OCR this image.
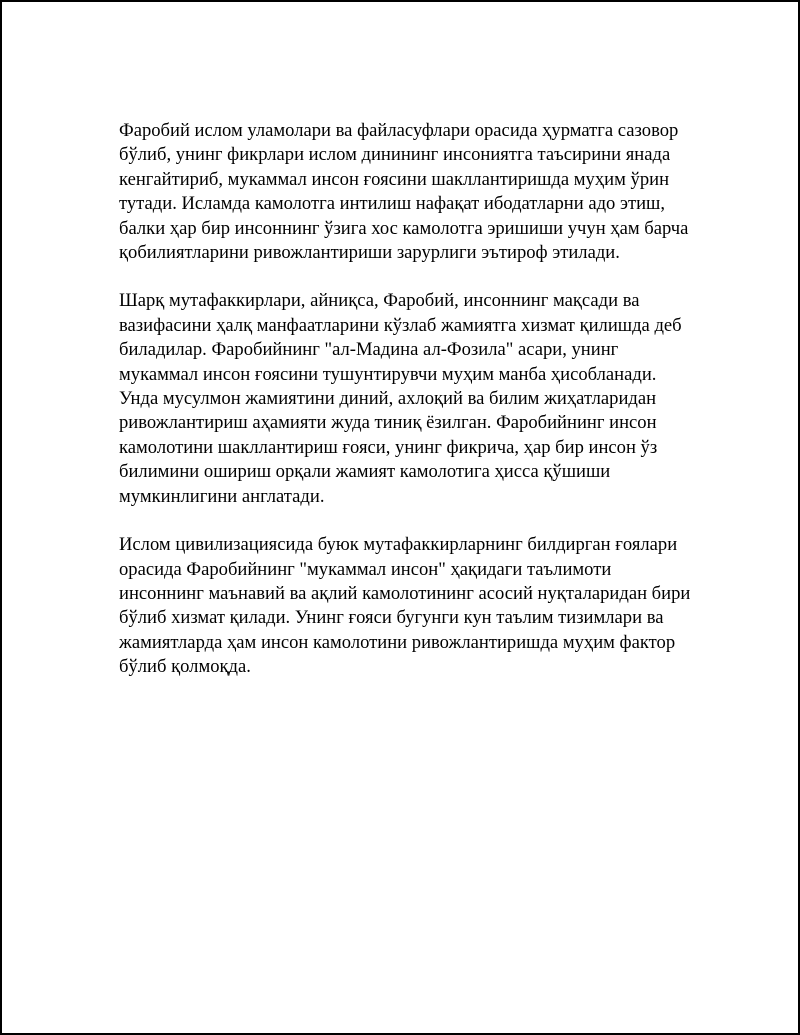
Фаробий ислом уламолари ва файласуфлари орасида ҳурматга сазовор
бўлиб, унинг фикрлари ислом динининг инсониятга таъсирини янада
кенгайтириб, мукаммал инсон ғоясини шакллантиришда муҳим ўрин
тутади. Исламда камолотга интилиш нафақат ибодатларни адо этиш,
балки ҳар бир инсоннинг ўзига хос камолотга эришиши учун ҳам барча
қобилиятларини ривожлантириши зарурлиги эътироф этилади.

Шарқ мутафаккирлари, айниқса, Фаробий, инсоннинг мақсади ва
вазифасини ҳалқ манфаатларини кўзлаб жамиятга хизмат қилишда деб
биладилар. Фаробийнинг "ал-Мадина ал-Фозила" асари, унинг
мукаммал инсон ғоясини тушунтирувчи муҳим манба ҳисобланади.
Унда мусулмон жамиятини диний, ахлоқий ва билим жиҳатларидан
ривожлантириш аҳамияти жуда тиниқ ёзилган. Фаробийнинг инсон
камолотини шакллантириш ғояси, унинг фикрича, ҳар бир инсон ўз
билимини ошириш орқали жамият камолотига ҳисса қўшиши
мумкинлигини англатади.

Ислом цивилизациясида буюк мутафаккирларнинг билдирган ғоялари
орасида Фаробийнинг "мукаммал инсон" ҳақидаги таълимоти
инсоннинг маънавий ва ақлий камолотининг асосий нуқталаридан бири
бўлиб хизмат қилади. Унинг ғояси бугунги кун таълим тизимлари ва
жамиятларда ҳам инсон камолотини ривожлантиришда муҳим фактор
бўлиб қолмоқда.
